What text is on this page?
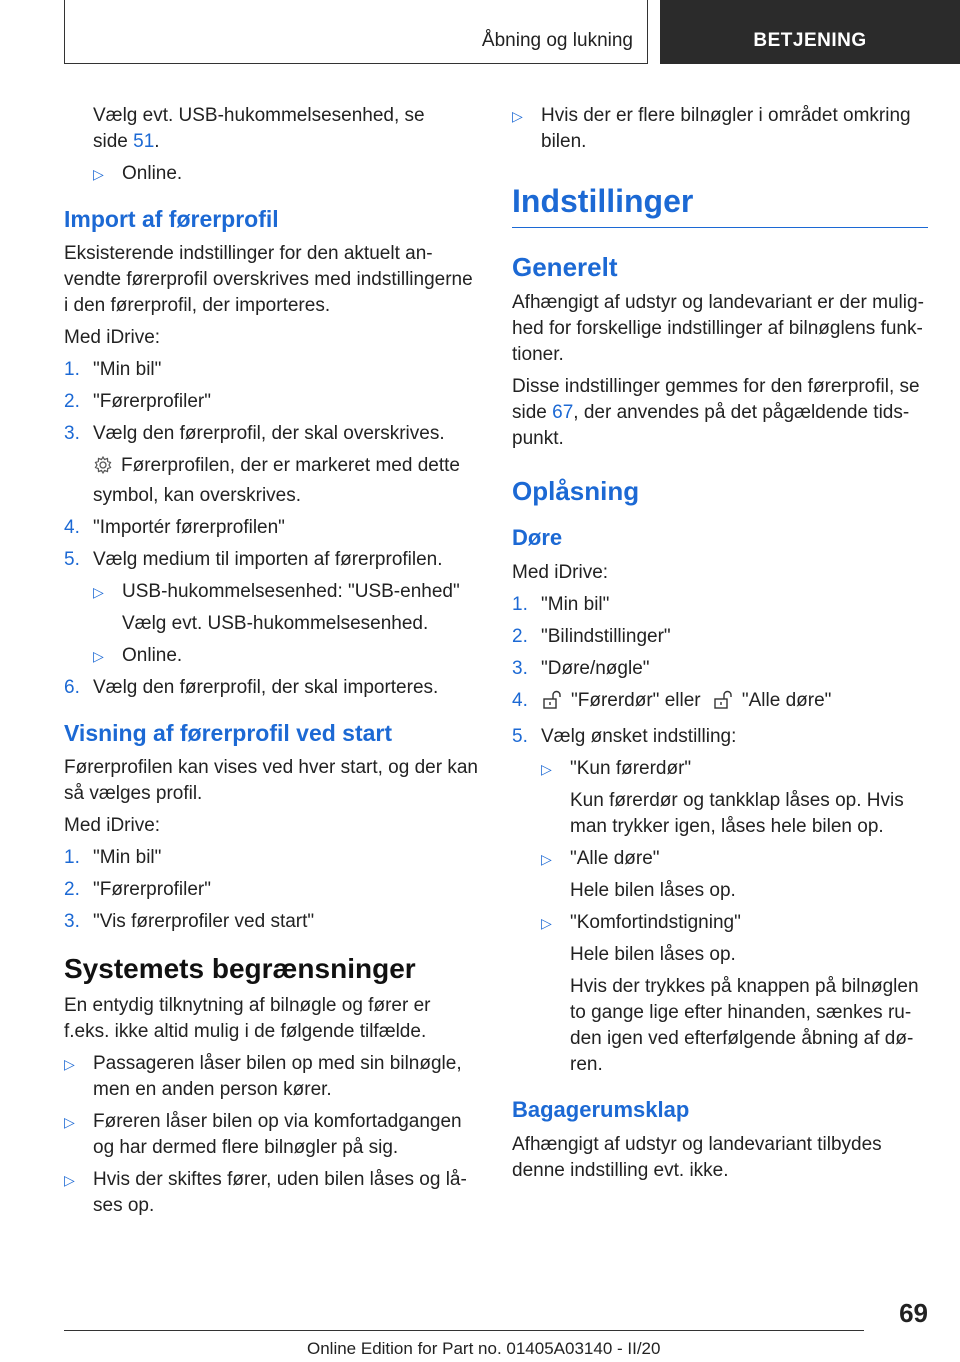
Åbning og lukning	BETJENING

Vælg evt. USB-hukommelsesenhed, se
side 51.

▷ Online.
Import af førerprofil

Eksisterende indstillinger for den aktuelt anvendte førerprofil overskrives med indstillingerne i den førerprofil, der importeres.

Med iDrive:

1. "Min bil"
2. "Førerprofiler"
3. Vælg den førerprofil, der skal overskrives.

Førerprofilen, der er markeret med dette symbol, kan overskrives.

4. "Importér førerprofilen"
5. Vælg medium til importen af førerprofilen.
▷ USB-hukommelsesenhed: "USB-enhed"

Vælg evt. USB-hukommelsesenhed.

▷ Online.
6. Vælg den førerprofil, der skal importeres.
Visning af førerprofil ved start

Førerprofilen kan vises ved hver start, og der kan så vælges profil.

Med iDrive:

1. "Min bil"
2. "Førerprofiler"
3. "Vis førerprofiler ved start"
Systemets begrænsninger

En entydig tilknytning af bilnøgle og fører er f.eks. ikke altid mulig i de følgende tilfælde.

▷ Passageren låser bilen op med sin bilnøgle, men en anden person kører.
▷ Føreren låser bilen op via komfortadgangen og har dermed flere bilnøgler på sig.
▷ Hvis der skiftes fører, uden bilen låses og låses op.
▷ Hvis der er flere bilnøgler i området omkring bilen.
Indstillinger
Generelt

Afhængigt af udstyr og landevariant er der mulighed for forskellige indstillinger af bilnøglens funktioner.

Disse indstillinger gemmes for den førerprofil, se side 67, der anvendes på det pågældende tidspunkt.

Oplåsning
Døre

Med iDrive:

1. "Min bil"
2. "Bilindstillinger"
3. "Døre/nøgle"
4. "Førerdør" eller "Alle døre"
5. Vælg ønsket indstilling:
▷ "Kun førerdør"

Kun førerdør og tankklap låses op. Hvis man trykker igen, låses hele bilen op.

▷ "Alle døre"

Hele bilen låses op.

▷ "Komfortindstigning"

Hele bilen låses op.

Hvis der trykkes på knappen på bilnøglen to gange lige efter hinanden, sænkes ruden igen ved efterfølgende åbning af døren.

Bagagerumsklap

Afhængigt af udstyr og landevariant tilbydes denne indstilling evt. ikke.

69
Online Edition for Part no. 01405A03140 - II/20
